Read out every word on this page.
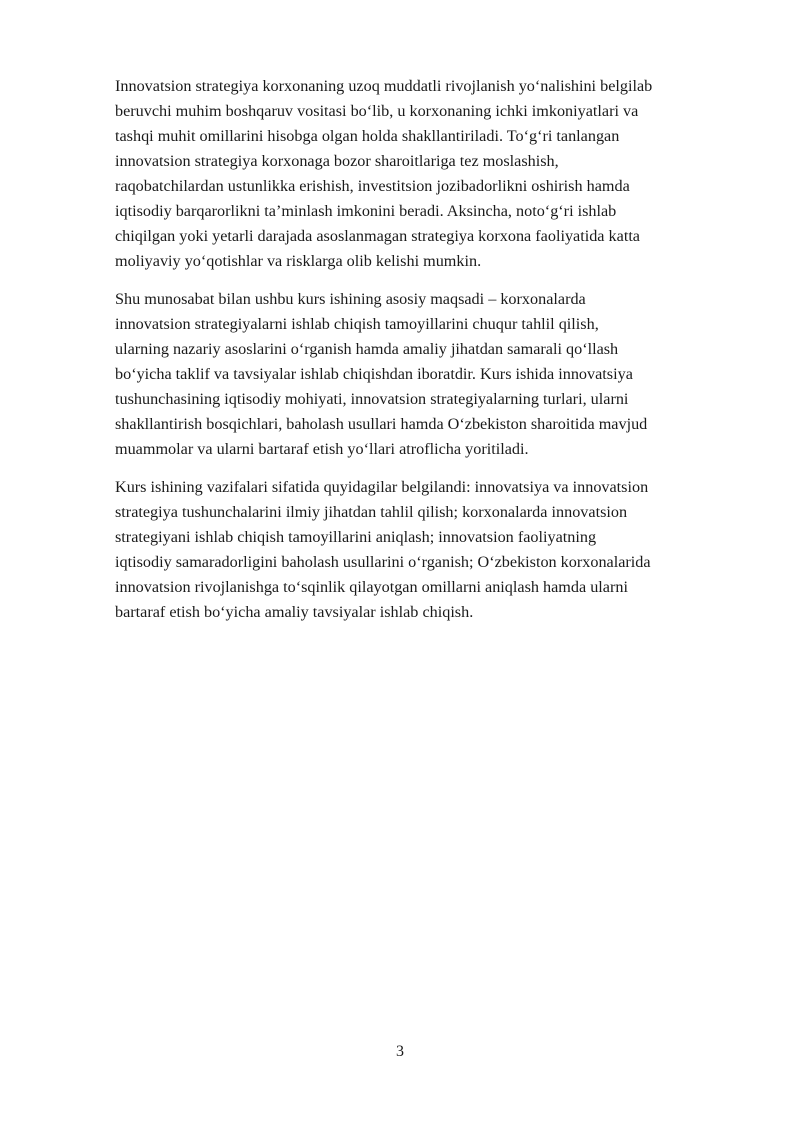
Innovatsion strategiya korxonaning uzoq muddatli rivojlanish yo‘nalishini belgilab
beruvchi muhim boshqaruv vositasi bo‘lib, u korxonaning ichki imkoniyatlari va
tashqi muhit omillarini hisobga olgan holda shakllantiriladi. To‘g‘ri tanlangan
innovatsion strategiya korxonaga bozor sharoitlariga tez moslashish,
raqobatchilardan ustunlikka erishish, investitsion jozibadorlikni oshirish hamda
iqtisodiy barqarorlikni ta’minlash imkonini beradi. Aksincha, noto‘g‘ri ishlab
chiqilgan yoki yetarli darajada asoslanmagan strategiya korxona faoliyatida katta
moliyaviy yo‘qotishlar va risklarga olib kelishi mumkin.

Shu munosabat bilan ushbu kurs ishining asosiy maqsadi – korxonalarda
innovatsion strategiyalarni ishlab chiqish tamoyillarini chuqur tahlil qilish,
ularning nazariy asoslarini o‘rganish hamda amaliy jihatdan samarali qo‘llash
bo‘yicha taklif va tavsiyalar ishlab chiqishdan iboratdir. Kurs ishida innovatsiya
tushunchasining iqtisodiy mohiyati, innovatsion strategiyalarning turlari, ularni
shakllantirish bosqichlari, baholash usullari hamda O‘zbekiston sharoitida mavjud
muammolar va ularni bartaraf etish yo‘llari atroflicha yoritiladi.

Kurs ishining vazifalari sifatida quyidagilar belgilandi: innovatsiya va innovatsion
strategiya tushunchalarini ilmiy jihatdan tahlil qilish; korxonalarda innovatsion
strategiyani ishlab chiqish tamoyillarini aniqlash; innovatsion faoliyatning
iqtisodiy samaradorligini baholash usullarini o‘rganish; O‘zbekiston korxonalarida
innovatsion rivojlanishga to‘sqinlik qilayotgan omillarni aniqlash hamda ularni
bartaraf etish bo‘yicha amaliy tavsiyalar ishlab chiqish.

3
